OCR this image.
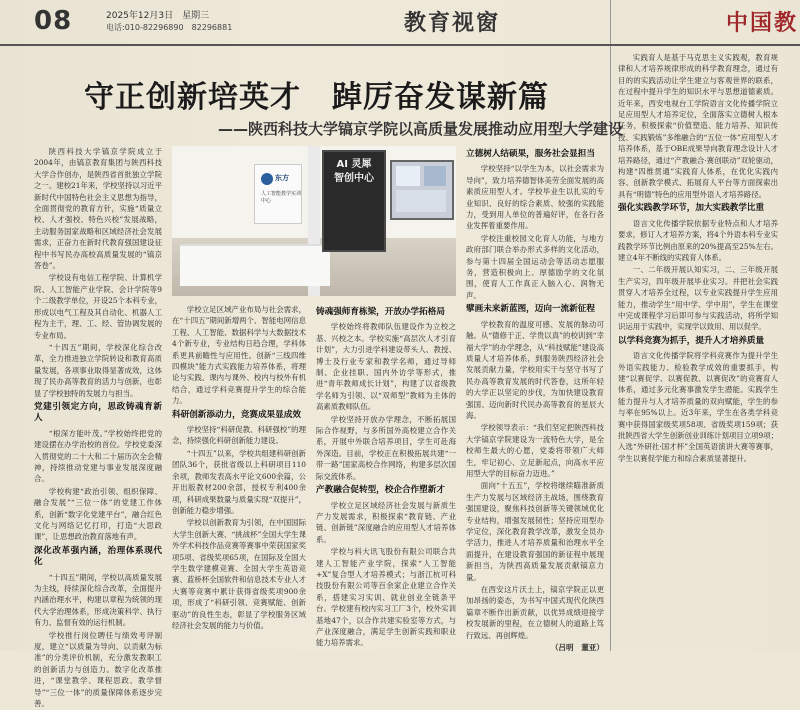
08	2025年12月3日　星期三
电话:010-82296890　82296881	教育视窗	中国教
守正创新培英才　踔厉奋发谋新篇
——陕西科技大学镐京学院以高质量发展推动应用型大学建设

陕西科技大学镐京学院成立于2004年，由镐京教育集团与陕西科技大学合作创办，是陕西省首批独立学院之一。建校21年来，学校坚持以习近平新时代中国特色社会主义思想为指导，全面贯彻党的教育方针，实施“质量立校、人才强校、特色兴校”发展战略，主动服务国家战略和区域经济社会发展需求，正奋力在新时代教育强国建设征程中书写民办高校高质量发展的“镐京答卷”。

学校设有电信工程学院、计算机学院、人工智能产业学院、会计学院等9个二级教学单位，开设25个本科专业，形成以电气工程及其自动化、机器人工程为主干，理、工、经、管协调发展的专业布局。

“十四五”期间，学校深化综合改革，全力推进独立学院转设和教育高质量发展，各项事业取得显著成效，这体现了民办高等教育的活力与创新，也彰显了学校独特的发展力与担当。

党建引领定方向，思政铸魂育新人

“根深方能叶茂。”学校始终把党的建设摆在办学治校的首位。学校党委深入贯彻党的二十大和二十届历次全会精神，持续推动党建与事业发展深度融合。

学校构建“政治引领、组织保障、融合发展”“三位一体”的党建工作体系，创新“数字化党建平台”，融合红色文化与网络记忆打印，打造“大思政课”，让思想政治教育落地有声。

深化改革强内涵，治理体系现代化

“十四五”期间，学校以高质量发展为主线，持续深化综合改革，全面提升内涵治理水平，构建以章程为统领的现代大学治理体系，形成决策科学、执行有力、监督有效的运行机制。

学校推行岗位聘任与绩效考评制度，建立“以质量为导向、以贡献为标准”的分类评价机制，充分激发教职工的创新活力与创造力。数字化改革推进，“课堂教学、课程思政、教学督导”“三位一体”的质量保障体系逐步完善。

东方
人工智能教学实训中心
AI 灵犀智创中心

学校立足区域产业布局与社会需求，在“十四五”期间新增两个、智能电网信息工程、人工智能、数据科学与大数据技术4个新专业，专业结构日趋合理，学科体系更具前瞻性与应用性。创新“三线四维四模块”能力式实践能力培养体系，将理论与实践、课内与课外、校内与校外有机结合，通过学科竞赛提升学生的综合能力。

科研创新添动力，竞赛成果显成效

学校坚持“科研促教、科研强校”的理念，持续强化科研创新能力建设。

“十四五”以来，学校共组建科研创新团队36个，获批省级以上科研项目110余项，教师发表高水平论文600余篇，公开出版教材200余部，授权专利400余项，科研成果数量与质量实现“双提升”，创新能力稳步增强。

学校以创新教育为引领，在中国国际大学生创新大赛、“挑战杯”全国大学生课外学术科技作品竞赛等赛事中荣获国家奖项5项、省级奖项65项，在国际及全国大学生数学建模竞赛、全国大学生英语竞赛、蓝桥杯全国软件和信息技术专业人才大赛等竞赛中累计获得省级奖项900余项，形成了“科研引领、竞赛赋能、创新驱动”的良性生态，彰显了学校服务区域经济社会发展的能力与价值。

铸魂强师育栋梁，开放办学拓格局

学校始终将教师队伍建设作为立校之基、兴校之本。学校实施“高层次人才引育计划”，大力引进学科建设带头人、教授、博士及行业专家和教学名师，通过导师制、企业挂职、国内外访学等形式，推进“青年教师成长计划”，构建了以省级教学名师为引领、以“双师型”教师为主体的高素质教师队伍。

学校坚持开放办学理念，不断拓展国际合作视野，与多所国外高校建立合作关系，开展中外联合培养项目，学生可赴海外深造。目前，学校正在积极拓展共建“一带一路”国家高校合作网络，构建多层次国际交流体系。

产教融合促转型，校企合作塑新才

学校立足区域经济社会发展与新质生产力发展需求，积极探索“教育链、产业链、创新链”深度融合的应用型人才培养体系。

学校与科大讯飞股份有限公司联合共建人工智能产业学院，探索“人工智能+X”复合型人才培养模式；与浙江杭可科技股份有限公司等百余家企业建立合作关系，搭建实习实训、就业创业全链条平台。学校建有校内实习工厂3个，校外实训基地47个，以合作共建实验室等方式，与产业深度融合，满足学生创新实践和职业能力培养需求。

立德树人结硕果，服务社会显担当

学校坚持“以学生为本，以社会需求为导向”，致力培养德智体美劳全面发展的高素质应用型人才。学校毕业生以扎实的专业知识、良好的综合素质、较强的实践能力，受到用人单位的普遍好评，在各行各业发挥着重要作用。

学校注重校园文化育人功能，与地方政府部门联合举办形式多样的文化活动，参与第十四届全国运动会等活动志愿服务，营造积极向上、厚德励学的文化氛围，使育人工作真正入脑入心、润物无声。

擘画未来新蓝图，迈向一流新征程

学校教育的温度可感、发展的脉动可触。从“德修于正、学贵以真”的校训到“幸福大学”的办学理念，从“科技赋能”建设高质量人才培养体系，到服务陕西经济社会发展贡献力量，学校用实干与坚守书写了民办高等教育发展的时代答卷，这所年轻的大学正以坚定的步伐，为加快建设教育强国、迈向新时代民办高等教育的星辰大海。

学校领导表示：“我们坚定把陕西科技大学镐京学院建设为一流特色大学，是全校师生最大的心愿，党委将带领广大师生，牢记初心、立足新起点，向高水平应用型大学的目标奋力迈进。”

面向“十五五”，学校将继续瞄准新质生产力发展与区域经济主战场，围绕教育强国建设，聚焦科技创新等关键领域优化专业结构，增强发展韧性；坚持应用型办学定位，深化教育教学改革，激发全员办学活力，推进人才培养质量和治理水平全面提升，在建设教育强国的新征程中展现新担当，为陕西高质量发展贡献镐京力量。

在西安这片沃土上，镐京学院正以更加昂扬的姿态，为书写中国式现代化陕西篇章不断作出新贡献，以优异成绩迎接学校发展新的里程，在立德树人的道路上笃行致远、再创辉煌。

（吕明　董亚）

实践育人是基于马克思主义实践观，教育规律和人才培养规律形成的科学教育理念，通过有目的的实践活动让学生建立与客观世界的联系，在过程中提升学生的知识水平与思想道德素质。近年来，西安电视台工学院语言文化传播学院立足应用型人才培养定位，全面落实立德树人根本任务，积极探索“价值塑造、能力培养、知识传授、实践锻炼”多维融合的“五位一体”应用型人才培养体系，基于OBE成果导向教育理念设计人才培养路径，通过“产教融合·赛创联动”双轮驱动，构建“四维贯通”实践育人体系，在优化实践内容、创新教学模式、拓展育人平台等方面探索出具有“明德”特色的应用型外语人才培养路径。

强化实践教学环节，加大实践教学比重

语言文化传播学院依据专业特点和人才培养要求，修订人才培养方案，将4个外语本科专业实践教学环节比例由原来的20%提高至25%左右。建立4年不断线的实践育人体系。

一、二年级开展认知实习，二、三年级开展生产实习，四年级开展毕业实习。并把社会实践贯穿人才培养全过程，以专业实践提升学生应用能力，推动学生“用中学、学中用”，学生在课堂中完成课程学习后即可参与实践活动，将所学知识运用于实践中，实现学以致用、用以促学。

以学科竞赛为抓手，提升人才培养质量

语言文化传播学院将学科竞赛作为提升学生外语实践能力、检验教学成效的重要抓手，构建“以赛促学、以赛促教、以赛促改”的竞赛育人体系，通过多元化赛事激发学生潜能。实践学生能力提升与人才培养质量的双向赋能，学生的参与率在95%以上。近3年来，学生在各类学科竞赛中获得国家级奖项58项、省级奖项159项；获批陕西省大学生创新创业训练计划项目立项9项；入选“外研社·国才杯”全国英语演讲大赛等赛事，学生以赛促学能力和综合素质显著提升。
